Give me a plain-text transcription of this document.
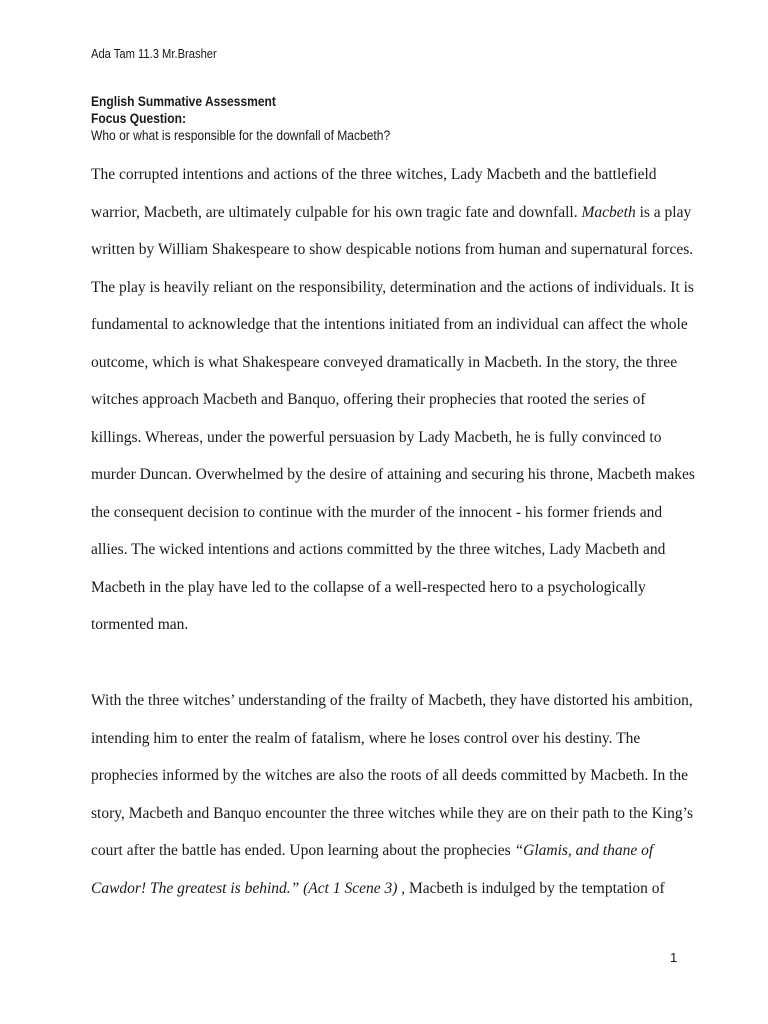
Ada Tam 11.3 Mr.Brasher
English Summative Assessment
Focus Question:
Who or what is responsible for the downfall of Macbeth?
The corrupted intentions and actions of the three witches, Lady Macbeth and the battlefield
warrior, Macbeth, are ultimately culpable for his own tragic fate and downfall. Macbeth is a play
written by William Shakespeare to show despicable notions from human and supernatural forces.
The play is heavily reliant on the responsibility, determination and the actions of individuals. It is
fundamental to acknowledge that the intentions initiated from an individual can affect the whole
outcome, which is what Shakespeare conveyed dramatically in Macbeth. In the story, the three
witches approach Macbeth and Banquo, offering their prophecies that rooted the series of
killings. Whereas, under the powerful persuasion by Lady Macbeth, he is fully convinced to
murder Duncan. Overwhelmed by the desire of attaining and securing his throne, Macbeth makes
the consequent decision to continue with the murder of the innocent - his former friends and
allies. The wicked intentions and actions committed by the three witches, Lady Macbeth and
Macbeth in the play have led to the collapse of a well-respected hero to a psychologically
tormented man.
With the three witches’ understanding of the frailty of Macbeth, they have distorted his ambition,
intending him to enter the realm of fatalism, where he loses control over his destiny. The
prophecies informed by the witches are also the roots of all deeds committed by Macbeth. In the
story, Macbeth and Banquo encounter the three witches while they are on their path to the King’s
court after the battle has ended. Upon learning about the prophecies “Glamis, and thane of
Cawdor! The greatest is behind.” (Act 1 Scene 3) , Macbeth is indulged by the temptation of
1
